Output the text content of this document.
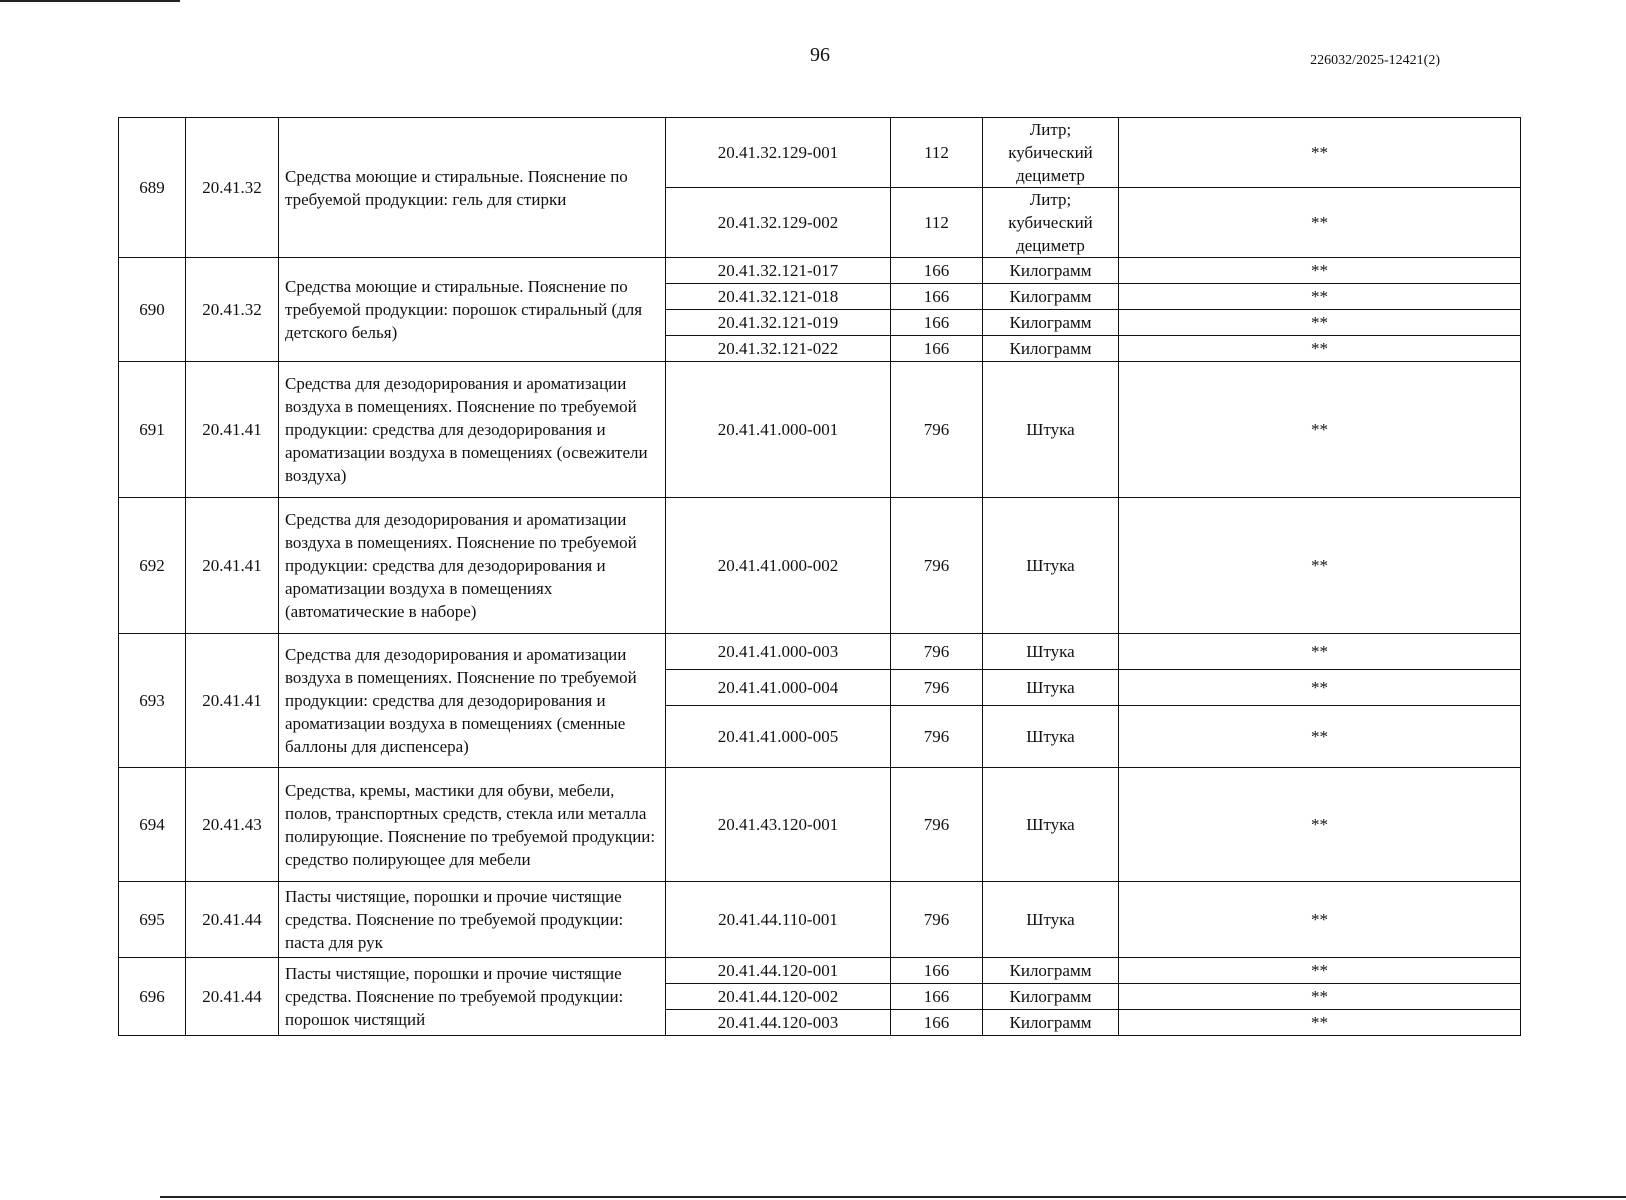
96	226032/2025-12421(2)
689	20.41.32	Средства моющие и стиральные. Пояснение по требуемой продукции: гель для стирки	20.41.32.129-001	112	Литр; кубический дециметр	**
			20.41.32.129-002	112	Литр; кубический дециметр	**
690	20.41.32	Средства моющие и стиральные. Пояснение по требуемой продукции: порошок стиральный (для детского белья)	20.41.32.121-017	166	Килограмм	**
			20.41.32.121-018	166	Килограмм	**
			20.41.32.121-019	166	Килограмм	**
			20.41.32.121-022	166	Килограмм	**
691	20.41.41	Средства для дезодорирования и ароматизации воздуха в помещениях. Пояснение по требуемой продукции: средства для дезодорирования и ароматизации воздуха в помещениях (освежители воздуха)	20.41.41.000-001	796	Штука	**
692	20.41.41	Средства для дезодорирования и ароматизации воздуха в помещениях. Пояснение по требуемой продукции: средства для дезодорирования и ароматизации воздуха в помещениях (автоматические в наборе)	20.41.41.000-002	796	Штука	**
693	20.41.41	Средства для дезодорирования и ароматизации воздуха в помещениях. Пояснение по требуемой продукции: средства для дезодорирования и ароматизации воздуха в помещениях (сменные баллоны для диспенсера)	20.41.41.000-003	796	Штука	**
			20.41.41.000-004	796	Штука	**
			20.41.41.000-005	796	Штука	**
694	20.41.43	Средства, кремы, мастики для обуви, мебели, полов, транспортных средств, стекла или металла полирующие. Пояснение по требуемой продукции: средство полирующее для мебели	20.41.43.120-001	796	Штука	**
695	20.41.44	Пасты чистящие, порошки и прочие чистящие средства. Пояснение по требуемой продукции: паста для рук	20.41.44.110-001	796	Штука	**
696	20.41.44	Пасты чистящие, порошки и прочие чистящие средства. Пояснение по требуемой продукции: порошок чистящий	20.41.44.120-001	166	Килограмм	**
			20.41.44.120-002	166	Килограмм	**
			20.41.44.120-003	166	Килограмм	**
